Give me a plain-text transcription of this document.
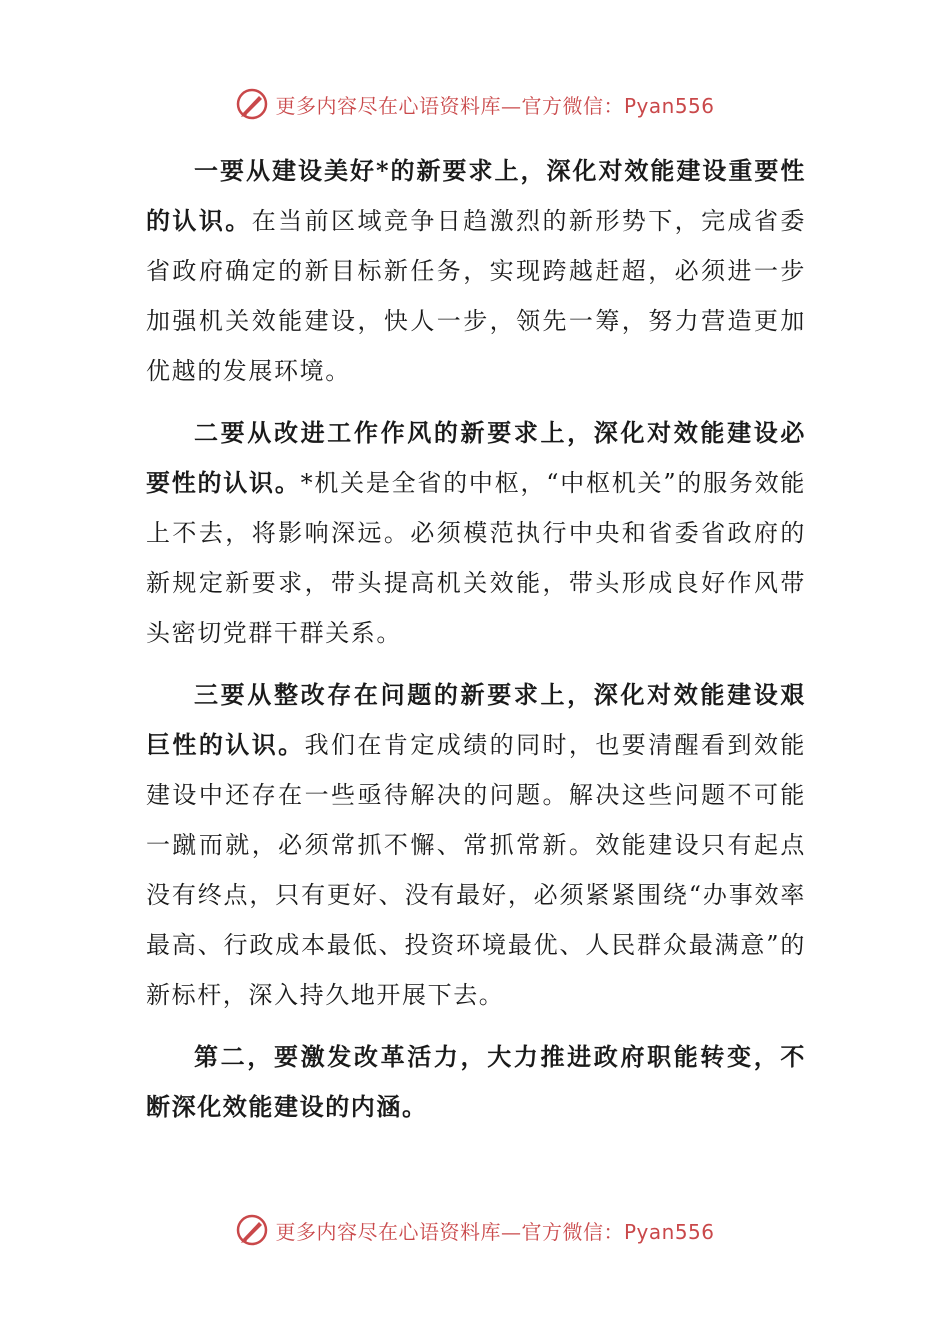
更多内容尽在心语资料库—官方微信：Pyan556

一要从建设美好*的新要求上，深化对效能建设重要性的认识。在当前区域竞争日趋激烈的新形势下，完成省委省政府确定的新目标新任务，实现跨越赶超，必须进一步加强机关效能建设，快人一步，领先一筹，努力营造更加优越的发展环境。

二要从改进工作作风的新要求上，深化对效能建设必要性的认识。*机关是全省的中枢，“中枢机关”的服务效能上不去，将影响深远。必须模范执行中央和省委省政府的新规定新要求，带头提高机关效能，带头形成良好作风带头密切党群干群关系。

三要从整改存在问题的新要求上，深化对效能建设艰巨性的认识。我们在肯定成绩的同时，也要清醒看到效能建设中还存在一些亟待解决的问题。解决这些问题不可能一蹴而就，必须常抓不懈、常抓常新。效能建设只有起点没有终点，只有更好、没有最好，必须紧紧围绕“办事效率最高、行政成本最低、投资环境最优、人民群众最满意”的新标杆，深入持久地开展下去。

第二，要激发改革活力，大力推进政府职能转变，不断深化效能建设的内涵。

更多内容尽在心语资料库—官方微信：Pyan556
